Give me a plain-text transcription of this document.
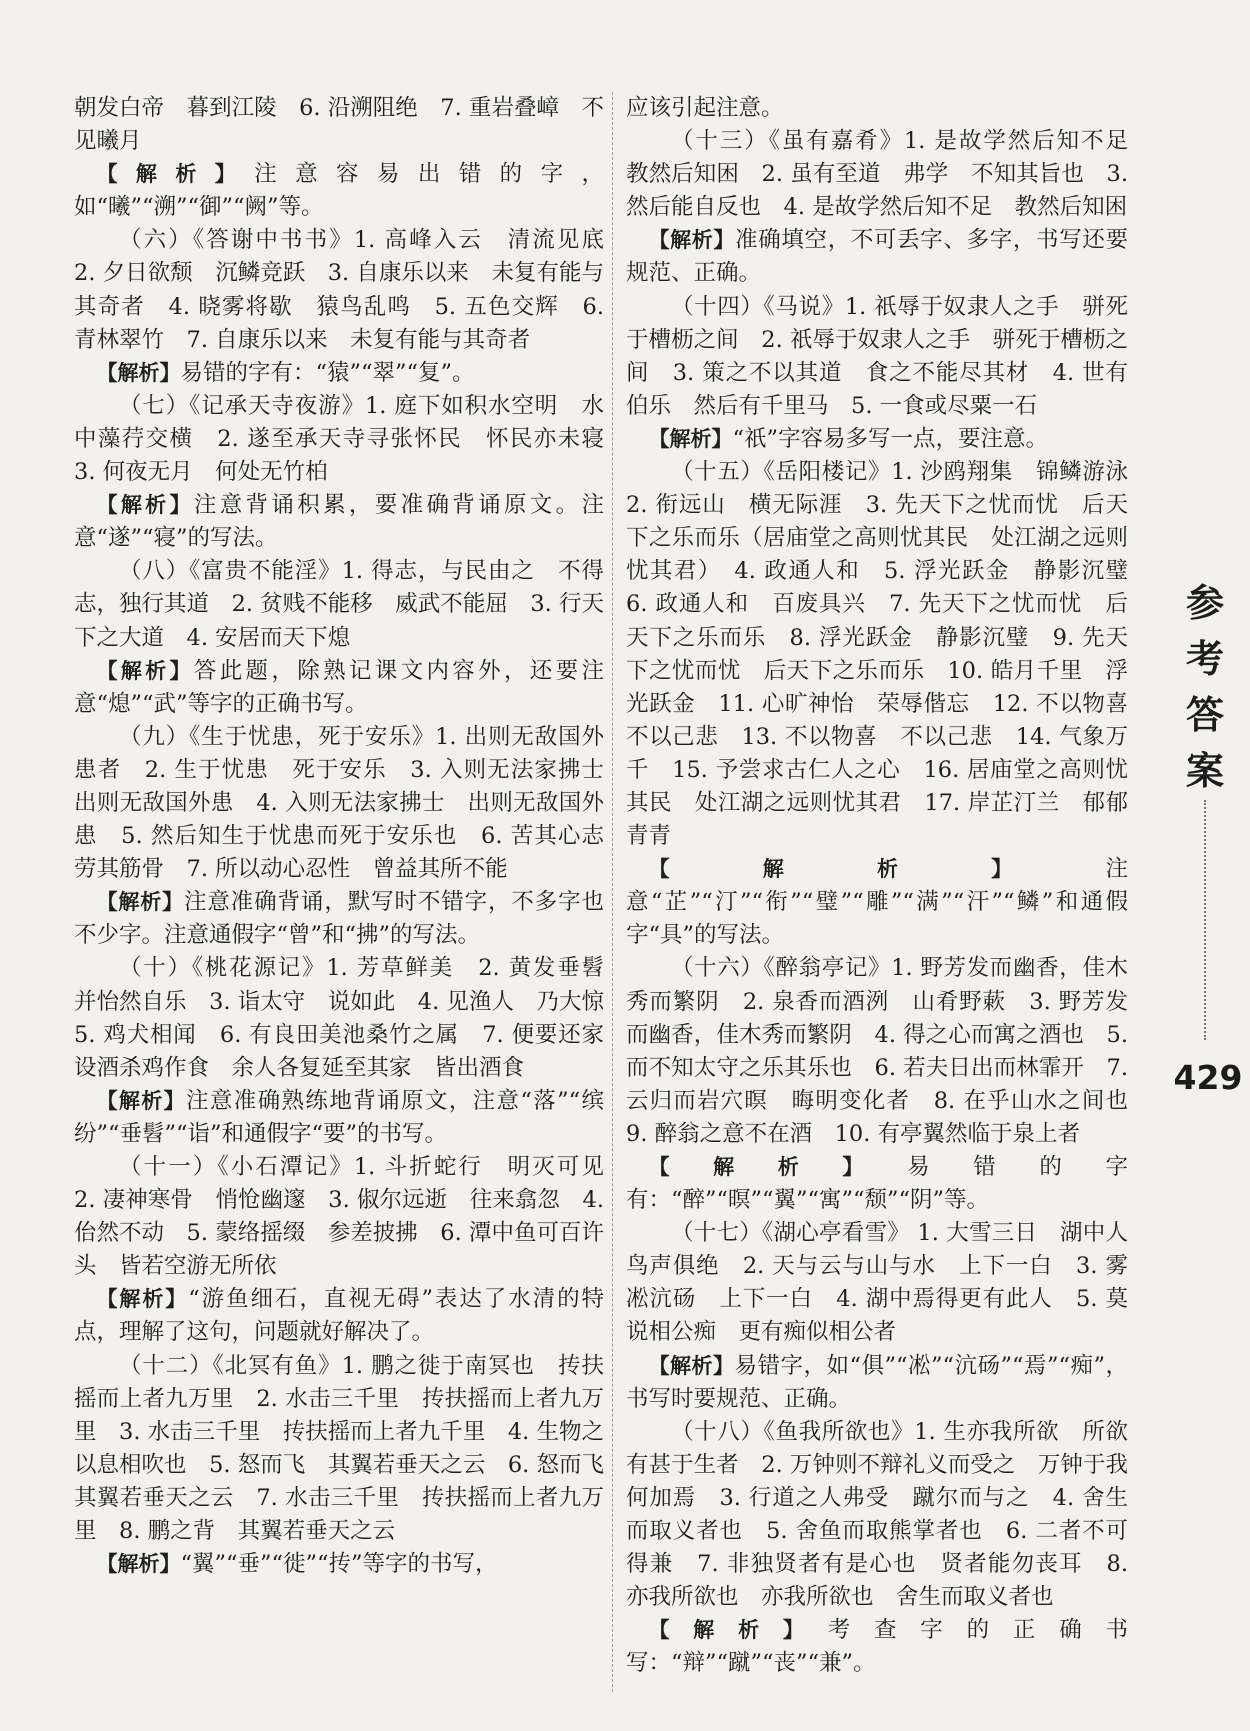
朝发白帝　暮到江陵　6. 沿溯阻绝　7. 重岩叠嶂　不见曦月

【解析】注意容易出错的字，如“曦”“溯”“御”“阙”等。

（六）《答谢中书书》1. 高峰入云　清流见底　2. 夕日欲颓　沉鳞竞跃　3. 自康乐以来　未复有能与其奇者　4. 晓雾将歇　猿鸟乱鸣　5. 五色交辉　6. 青林翠竹　7. 自康乐以来　未复有能与其奇者

【解析】易错的字有：“猿”“翠”“复”。

（七）《记承天寺夜游》1. 庭下如积水空明　水中藻荇交横　2. 遂至承天寺寻张怀民　怀民亦未寝　3. 何夜无月　何处无竹柏

【解析】注意背诵积累，要准确背诵原文。注意“遂”“寝”的写法。

（八）《富贵不能淫》1. 得志，与民由之　不得志，独行其道　2. 贫贱不能移　威武不能屈　3. 行天下之大道　4. 安居而天下熄

【解析】答此题，除熟记课文内容外，还要注意“熄”“武”等字的正确书写。

（九）《生于忧患，死于安乐》1. 出则无敌国外患者　2. 生于忧患　死于安乐　3. 入则无法家拂士　出则无敌国外患　4. 入则无法家拂士　出则无敌国外患　5. 然后知生于忧患而死于安乐也　6. 苦其心志　劳其筋骨　7. 所以动心忍性　曾益其所不能

【解析】注意准确背诵，默写时不错字，不多字也不少字。注意通假字“曾”和“拂”的写法。

（十）《桃花源记》1. 芳草鲜美　2. 黄发垂髫　并怡然自乐　3. 诣太守　说如此　4. 见渔人　乃大惊　5. 鸡犬相闻　6. 有良田美池桑竹之属　7. 便要还家　设酒杀鸡作食　余人各复延至其家　皆出酒食

【解析】注意准确熟练地背诵原文，注意“落”“缤纷”“垂髫”“诣”和通假字“要”的书写。

（十一）《小石潭记》1. 斗折蛇行　明灭可见　2. 凄神寒骨　悄怆幽邃　3. 俶尔远逝　往来翕忽　4. 佁然不动　5. 蒙络摇缀　参差披拂　6. 潭中鱼可百许头　皆若空游无所依

【解析】“游鱼细石，直视无碍”表达了水清的特点，理解了这句，问题就好解决了。

（十二）《北冥有鱼》1. 鹏之徙于南冥也　抟扶摇而上者九万里　2. 水击三千里　抟扶摇而上者九万里　3. 水击三千里　抟扶摇而上者九千里　4. 生物之以息相吹也　5. 怒而飞　其翼若垂天之云　6. 怒而飞　其翼若垂天之云　7. 水击三千里　抟扶摇而上者九万里　8. 鹏之背　其翼若垂天之云

【解析】“翼”“垂”“徙”“抟”等字的书写，

应该引起注意。

（十三）《虽有嘉肴》1. 是故学然后知不足　教然后知困　2. 虽有至道　弗学　不知其旨也　3. 然后能自反也　4. 是故学然后知不足　教然后知困

【解析】准确填空，不可丢字、多字，书写还要规范、正确。

（十四）《马说》1. 祇辱于奴隶人之手　骈死于槽枥之间　2. 祇辱于奴隶人之手　骈死于槽枥之间　3. 策之不以其道　食之不能尽其材　4. 世有伯乐　然后有千里马　5. 一食或尽粟一石

【解析】“祇”字容易多写一点，要注意。

（十五）《岳阳楼记》1. 沙鸥翔集　锦鳞游泳　2. 衔远山　横无际涯　3. 先天下之忧而忧　后天下之乐而乐（居庙堂之高则忧其民　处江湖之远则忧其君）　4. 政通人和　5. 浮光跃金　静影沉璧　6. 政通人和　百废具兴　7. 先天下之忧而忧　后天下之乐而乐　8. 浮光跃金　静影沉璧　9. 先天下之忧而忧　后天下之乐而乐　10. 皓月千里　浮光跃金　11. 心旷神怡　荣辱偕忘　12. 不以物喜　不以己悲　13. 不以物喜　不以己悲　14. 气象万千　15. 予尝求古仁人之心　16. 居庙堂之高则忧其民　处江湖之远则忧其君　17. 岸芷汀兰　郁郁青青

【解析】注意“芷”“汀”“衔”“璧”“雕”“满”“汗”“鳞”和通假字“具”的写法。

（十六）《醉翁亭记》1. 野芳发而幽香，佳木秀而繁阴　2. 泉香而酒洌　山肴野蔌　3. 野芳发而幽香，佳木秀而繁阴　4. 得之心而寓之酒也　5. 而不知太守之乐其乐也　6. 若夫日出而林霏开　7. 云归而岩穴暝　晦明变化者　8. 在乎山水之间也　9. 醉翁之意不在酒　10. 有亭翼然临于泉上者

【解析】易错的字有：“醉”“暝”“翼”“寓”“颓”“阴”等。

（十七）《湖心亭看雪》 1. 大雪三日　湖中人鸟声俱绝　2. 天与云与山与水　上下一白　3. 雾凇沆砀　上下一白　4. 湖中焉得更有此人　5. 莫说相公痴　更有痴似相公者

【解析】易错字，如“俱”“凇”“沆砀”“焉”“痴”，书写时要规范、正确。

（十八）《鱼我所欲也》1. 生亦我所欲　所欲有甚于生者　2. 万钟则不辩礼义而受之　万钟于我何加焉　3. 行道之人弗受　蹴尔而与之　4. 舍生而取义者也　5. 舍鱼而取熊掌者也　6. 二者不可得兼　7. 非独贤者有是心也　贤者能勿丧耳　8. 亦我所欲也　亦我所欲也　舍生而取义者也

【解析】考查字的正确书写：“辩”“蹴”“丧”“兼”。

参
考
答
案
429
